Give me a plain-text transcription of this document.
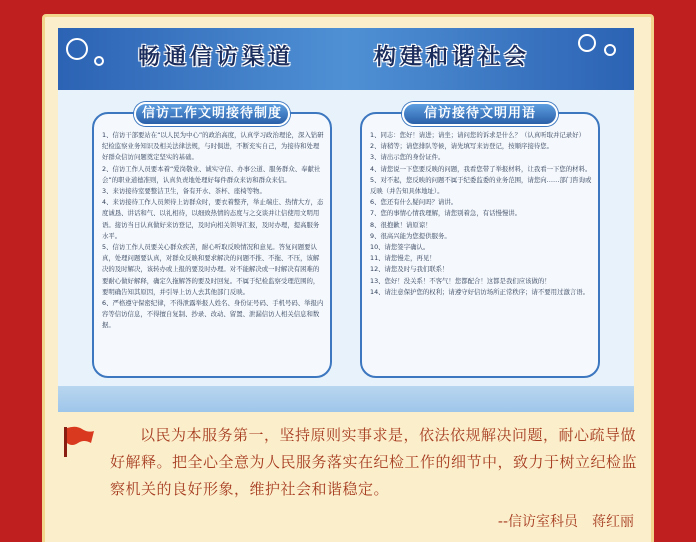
畅通信访渠道	构建和谐社会
信访工作文明接待制度

1、信访干部要站在“以人民为中心”的政治高度，认真学习政治理论，深入钻研纪检监察业务知识及相关法律法规，与时俱进，不断充实自己，为接待和处理好群众信访问题奠定坚实的基础。

2、信访工作人员要本着“爱岗敬业、诚实守信、办事公道、服务群众、奉献社会”的职业道德准则，认真负责地处理好每件群众来访和群众来信。

3、来访接待室要整洁卫生，备有开水、茶杯、座椅等物。

4、来访接待工作人员须待上访群众时，要衣着整齐，举止端庄、热情大方，态度诚恳、讲话和气、以礼相待，以细致热情的态度与之交谈并让信使用文明用语。接访当日认真做好来访登记，及时向相关领导汇报，及时办理，提高服务水平。

5、信访工作人员要关心群众疾苦，耐心听取反映情况和意见。答复问题要认真，处理问题要认真，对群众反映和要求解决的问题不推、不拖、不压，该解决的及时解决，该转办或上报的要及时办理。对不能解决或一时解决有困难的要耐心做好解释，确定久拖解答的要及时回复。不属于纪检监察受理范围的，要明确告知其原因，并引导上访人去其他部门反映。

6、严格遵守保密纪律，不得泄露举报人姓名、身份证号码、手机号码、举报内容等信访信息，不得擅自复制、抄录、改动、留置、泄漏信访人相关信息和数据。

信访接待文明用语

1、同志：您好！请进；请坐；请问您的诉求是什么？（认真听取并记录好）

2、请稍等；请您排队等候，请先填写来访登记，按顺序接待您。

3、请出示您的身份证件。

4、请您说一下您要反映的问题，我看您带了举报材料，让我看一下您的材料。

5、对不起，您反映的问题不属于纪委监委的业务范围，请您向……部门咨询或反映（并告知具体地址）。

6、您还有什么疑问吗？请讲。

7、您的事情心情我理解，请您别着急，有话慢慢讲。

8、很抱歉！请原谅！

9、很高兴能为您提供服务。

10、请您签字确认。

11、请您慢走，再见！

12、请您及时与我们联系！

13、您好！没关系！不客气！您都配合！这都是我们应该做的！

14、请注意保护您的权利；请遵守好信访场所正常秩序；请不要用过激言语。

以民为本服务第一，坚持原则实事求是，依法依规解决问题，耐心疏导做好解释。把全心全意为人民服务落实在纪检工作的细节中，致力于树立纪检监察机关的良好形象，维护社会和谐稳定。
--信访室科员　蒋红丽
